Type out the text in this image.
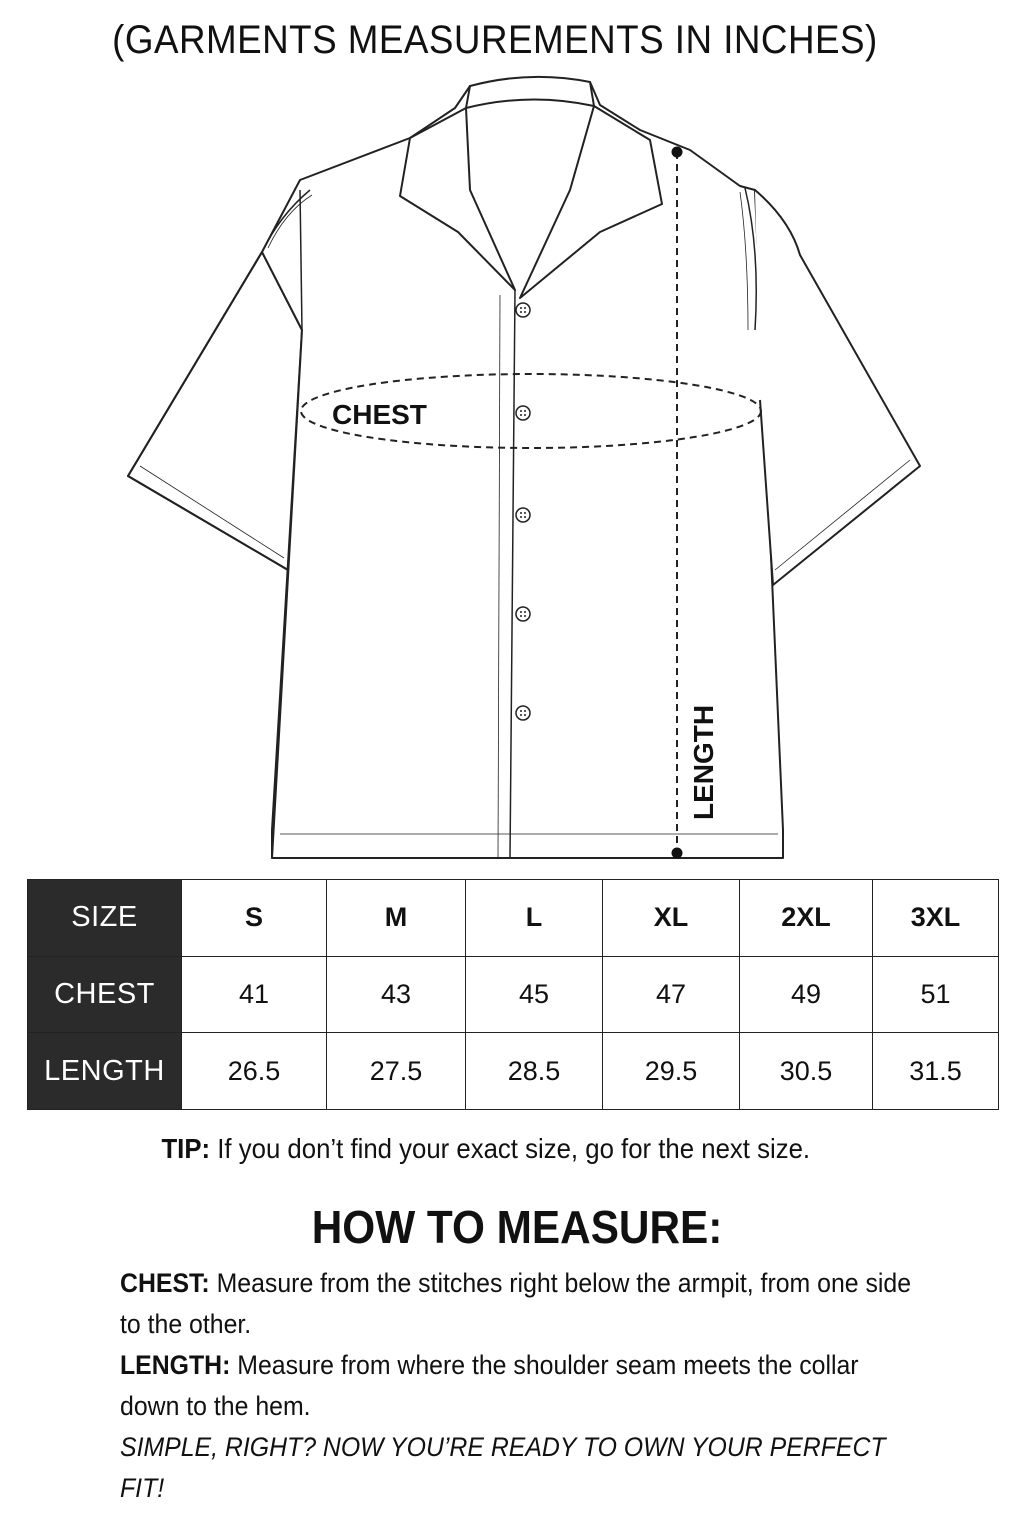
(GARMENTS MEASUREMENTS IN INCHES)
CHEST
LENGTH
SIZE	S	M	L	XL	2XL	3XL
CHEST	41	43	45	47	49	51
LENGTH	26.5	27.5	28.5	29.5	30.5	31.5
TIP: If you don’t find your exact size, go for the next size.
HOW TO MEASURE:

CHEST: Measure from the stitches right below the armpit, from one side to the other.

LENGTH: Measure from where the shoulder seam meets the collar down to the hem.

SIMPLE, RIGHT? NOW YOU’RE READY TO OWN YOUR PERFECT FIT!
